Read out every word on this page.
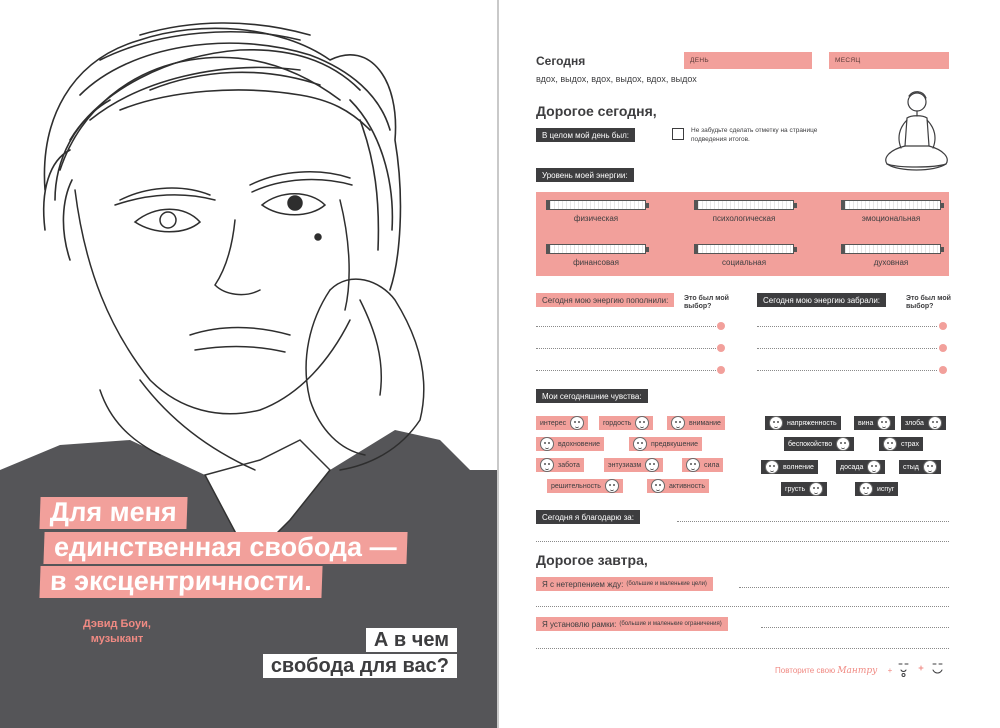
Для меня
единственная свобода —
в эксцентричности.
Дэвид Боуи,
музыкант	А в чем
свобода для вас?
Сегодня	ДЕНЬ	МЕСЯЦ
вдох, выдох, вдох, выдох, вдох, выдох
Дорогое сегодня,
В целом мой день был:	Не забудьте сделать отметку на странице подведения итогов.
Уровень моей энергии:
физическая	психологическая	эмоциональная
финансовая	социальная	духовная
Сегодня мою энергию пополнили:	Это был мой выбор?
Сегодня мою энергию забрали:	Это был мой выбор?
Мои сегодняшние чувства:
интерес	гордость	внимание
вдохновение	предвкушение
забота	энтузиазм	сила
решительность	активность
напряженность	вина	злоба
беспокойство	страх
волнение	досада	стыд
грусть	испуг
Сегодня я благодарю за:
Дорогое завтра,
Я с нетерпением жду: (большие и маленькие цели)
Я установлю рамки: (большие и маленькие ограничения)
Повторите свою Мантру +
